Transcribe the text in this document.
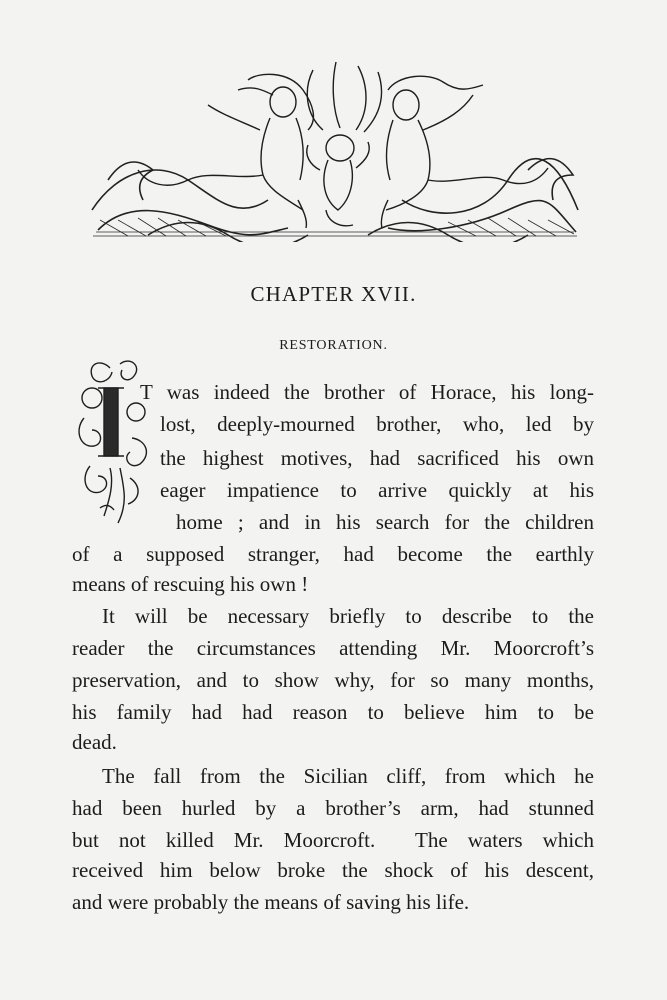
CHAPTER XVII.
RESTORATION.
T was indeed the brother of Horace, his long-
lost, deeply-mourned brother, who, led by
the highest motives, had sacrificed his own
eager impatience to arrive quickly at his
home ; and in his search for the children
of a supposed stranger, had become the earthly
means of rescuing his own !
It will be necessary briefly to describe to the
reader the circumstances attending Mr. Moorcroft’s
preservation, and to show why, for so many months,
his family had had reason to believe him to be
dead.
The fall from the Sicilian cliff, from which he
had been hurled by a brother’s arm, had stunned
but not killed Mr. Moorcroft.  The waters which
received him below broke the shock of his descent,
and were probably the means of saving his life.
